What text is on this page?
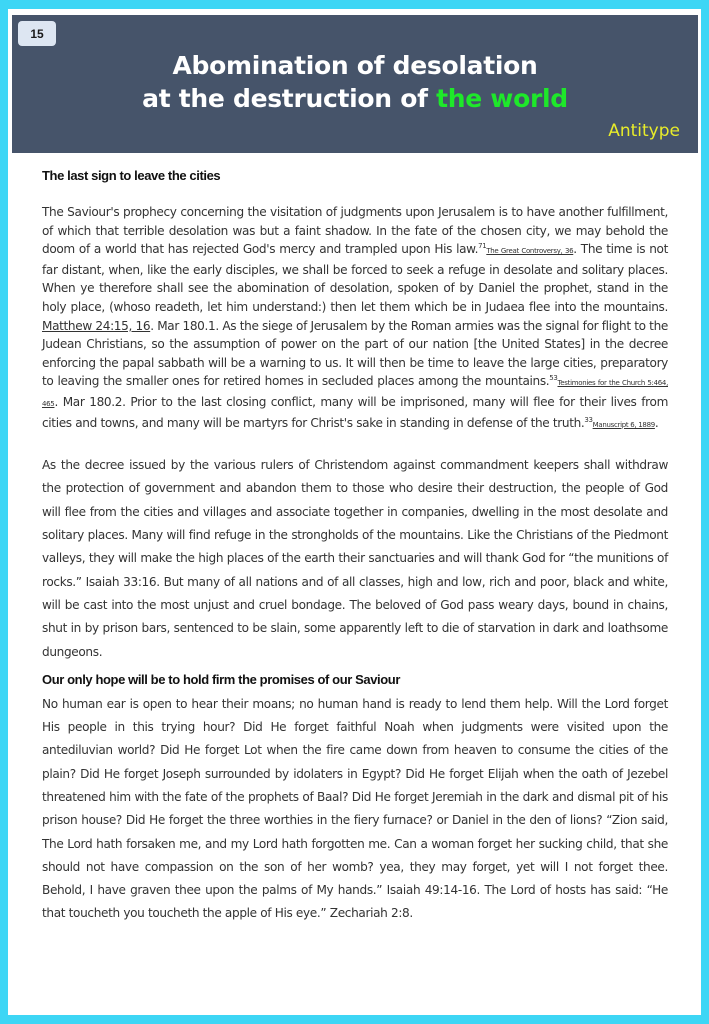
15
Abomination of desolation
at the destruction of the world
Antitype
The last sign to leave the cities

The Saviour's prophecy concerning the visitation of judgments upon Jerusalem is to have another fulfillment, of which that terrible desolation was but a faint shadow. In the fate of the chosen city, we may behold the doom of a world that has rejected God's mercy and trampled upon His law.$^{71}$The Great Controversy, 36. The time is not far distant, when, like the early disciples, we shall be forced to seek a refuge in desolate and solitary places. When ye therefore shall see the abomination of desolation, spoken of by Daniel the prophet, stand in the holy place, (whoso readeth, let him understand:) then let them which be in Judaea flee into the mountains. Matthew 24:15, 16. Mar 180.1. As the siege of Jerusalem by the Roman armies was the signal for flight to the Judean Christians, so the assumption of power on the part of our nation [the United States] in the decree enforcing the papal sabbath will be a warning to us. It will then be time to leave the large cities, preparatory to leaving the smaller ones for retired homes in secluded places among the mountains.$^{53}$Testimonies for the Church 5:464, 465. Mar 180.2. Prior to the last closing conflict, many will be imprisoned, many will flee for their lives from cities and towns, and many will be martyrs for Christ's sake in standing in defense of the truth.$^{33}$Manuscript 6, 1889.

As the decree issued by the various rulers of Christendom against commandment keepers shall withdraw the protection of government and abandon them to those who desire their destruction, the people of God will flee from the cities and villages and associate together in companies, dwelling in the most desolate and solitary places. Many will find refuge in the strongholds of the mountains. Like the Christians of the Piedmont valleys, they will make the high places of the earth their sanctuaries and will thank God for “the munitions of rocks.” Isaiah 33:16. But many of all nations and of all classes, high and low, rich and poor, black and white, will be cast into the most unjust and cruel bondage. The beloved of God pass weary days, bound in chains, shut in by prison bars, sentenced to be slain, some apparently left to die of starvation in dark and loathsome dungeons.

Our only hope will be to hold firm the promises of our Saviour

No human ear is open to hear their moans; no human hand is ready to lend them help. Will the Lord forget His people in this trying hour? Did He forget faithful Noah when judgments were visited upon the antediluvian world? Did He forget Lot when the fire came down from heaven to consume the cities of the plain? Did He forget Joseph surrounded by idolaters in Egypt? Did He forget Elijah when the oath of Jezebel threatened him with the fate of the prophets of Baal? Did He forget Jeremiah in the dark and dismal pit of his prison house? Did He forget the three worthies in the fiery furnace? or Daniel in the den of lions? “Zion said, The Lord hath forsaken me, and my Lord hath forgotten me. Can a woman forget her sucking child, that she should not have compassion on the son of her womb? yea, they may forget, yet will I not forget thee. Behold, I have graven thee upon the palms of My hands.” Isaiah 49:14-16. The Lord of hosts has said: “He that toucheth you toucheth the apple of His eye.” Zechariah 2:8.
